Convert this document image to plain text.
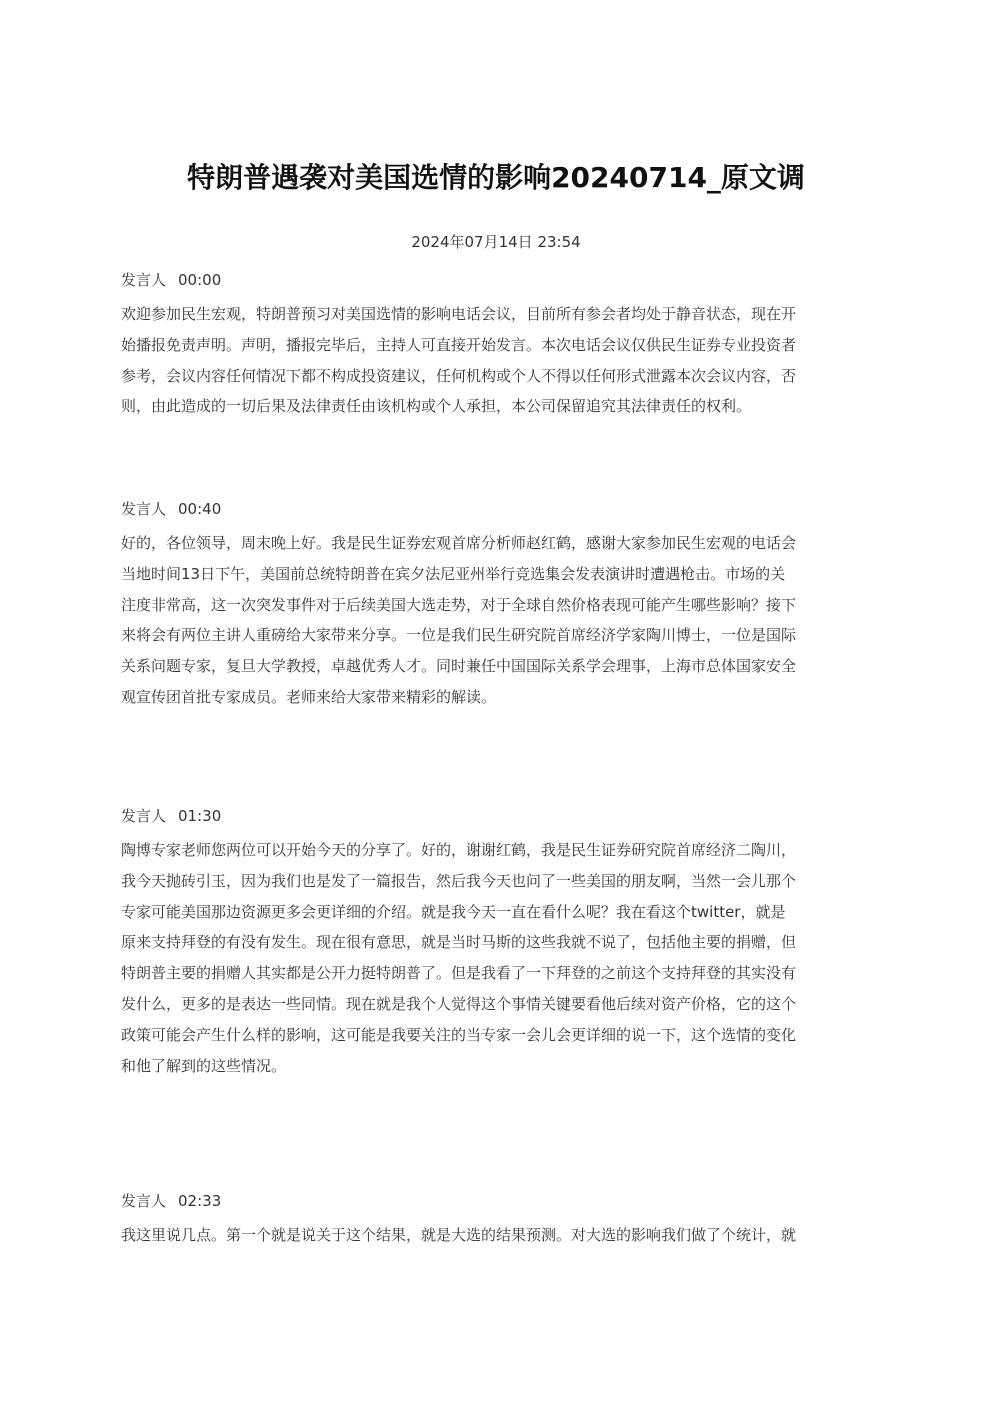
特朗普遇袭对美国选情的影响20240714_原文调
2024年07月14日 23:54
发言人 00:00
欢迎参加民生宏观，特朗普预习对美国选情的影响电话会议，目前所有参会者均处于静音状态，现在开
始播报免责声明。声明，播报完毕后，主持人可直接开始发言。本次电话会议仅供民生证券专业投资者
参考，会议内容任何情况下都不构成投资建议，任何机构或个人不得以任何形式泄露本次会议内容，否
则，由此造成的一切后果及法律责任由该机构或个人承担，本公司保留追究其法律责任的权利。
发言人 00:40
好的，各位领导，周末晚上好。我是民生证券宏观首席分析师赵红鹤，感谢大家参加民生宏观的电话会
当地时间13日下午，美国前总统特朗普在宾夕法尼亚州举行竞选集会发表演讲时遭遇枪击。市场的关
注度非常高，这一次突发事件对于后续美国大选走势，对于全球自然价格表现可能产生哪些影响？接下
来将会有两位主讲人重磅给大家带来分享。一位是我们民生研究院首席经济学家陶川博士，一位是国际
关系问题专家，复旦大学教授，卓越优秀人才。同时兼任中国国际关系学会理事，上海市总体国家安全
观宣传团首批专家成员。老师来给大家带来精彩的解读。
发言人 01:30
陶博专家老师您两位可以开始今天的分享了。好的，谢谢红鹤，我是民生证券研究院首席经济二陶川，
我今天抛砖引玉，因为我们也是发了一篇报告，然后我今天也问了一些美国的朋友啊，当然一会儿那个
专家可能美国那边资源更多会更详细的介绍。就是我今天一直在看什么呢？我在看这个twitter，就是
原来支持拜登的有没有发生。现在很有意思，就是当时马斯的这些我就不说了，包括他主要的捐赠，但
特朗普主要的捐赠人其实都是公开力挺特朗普了。但是我看了一下拜登的之前这个支持拜登的其实没有
发什么，更多的是表达一些同情。现在就是我个人觉得这个事情关键要看他后续对资产价格，它的这个
政策可能会产生什么样的影响，这可能是我要关注的当专家一会儿会更详细的说一下，这个选情的变化
和他了解到的这些情况。
发言人 02:33
我这里说几点。第一个就是说关于这个结果，就是大选的结果预测。对大选的影响我们做了个统计，就
